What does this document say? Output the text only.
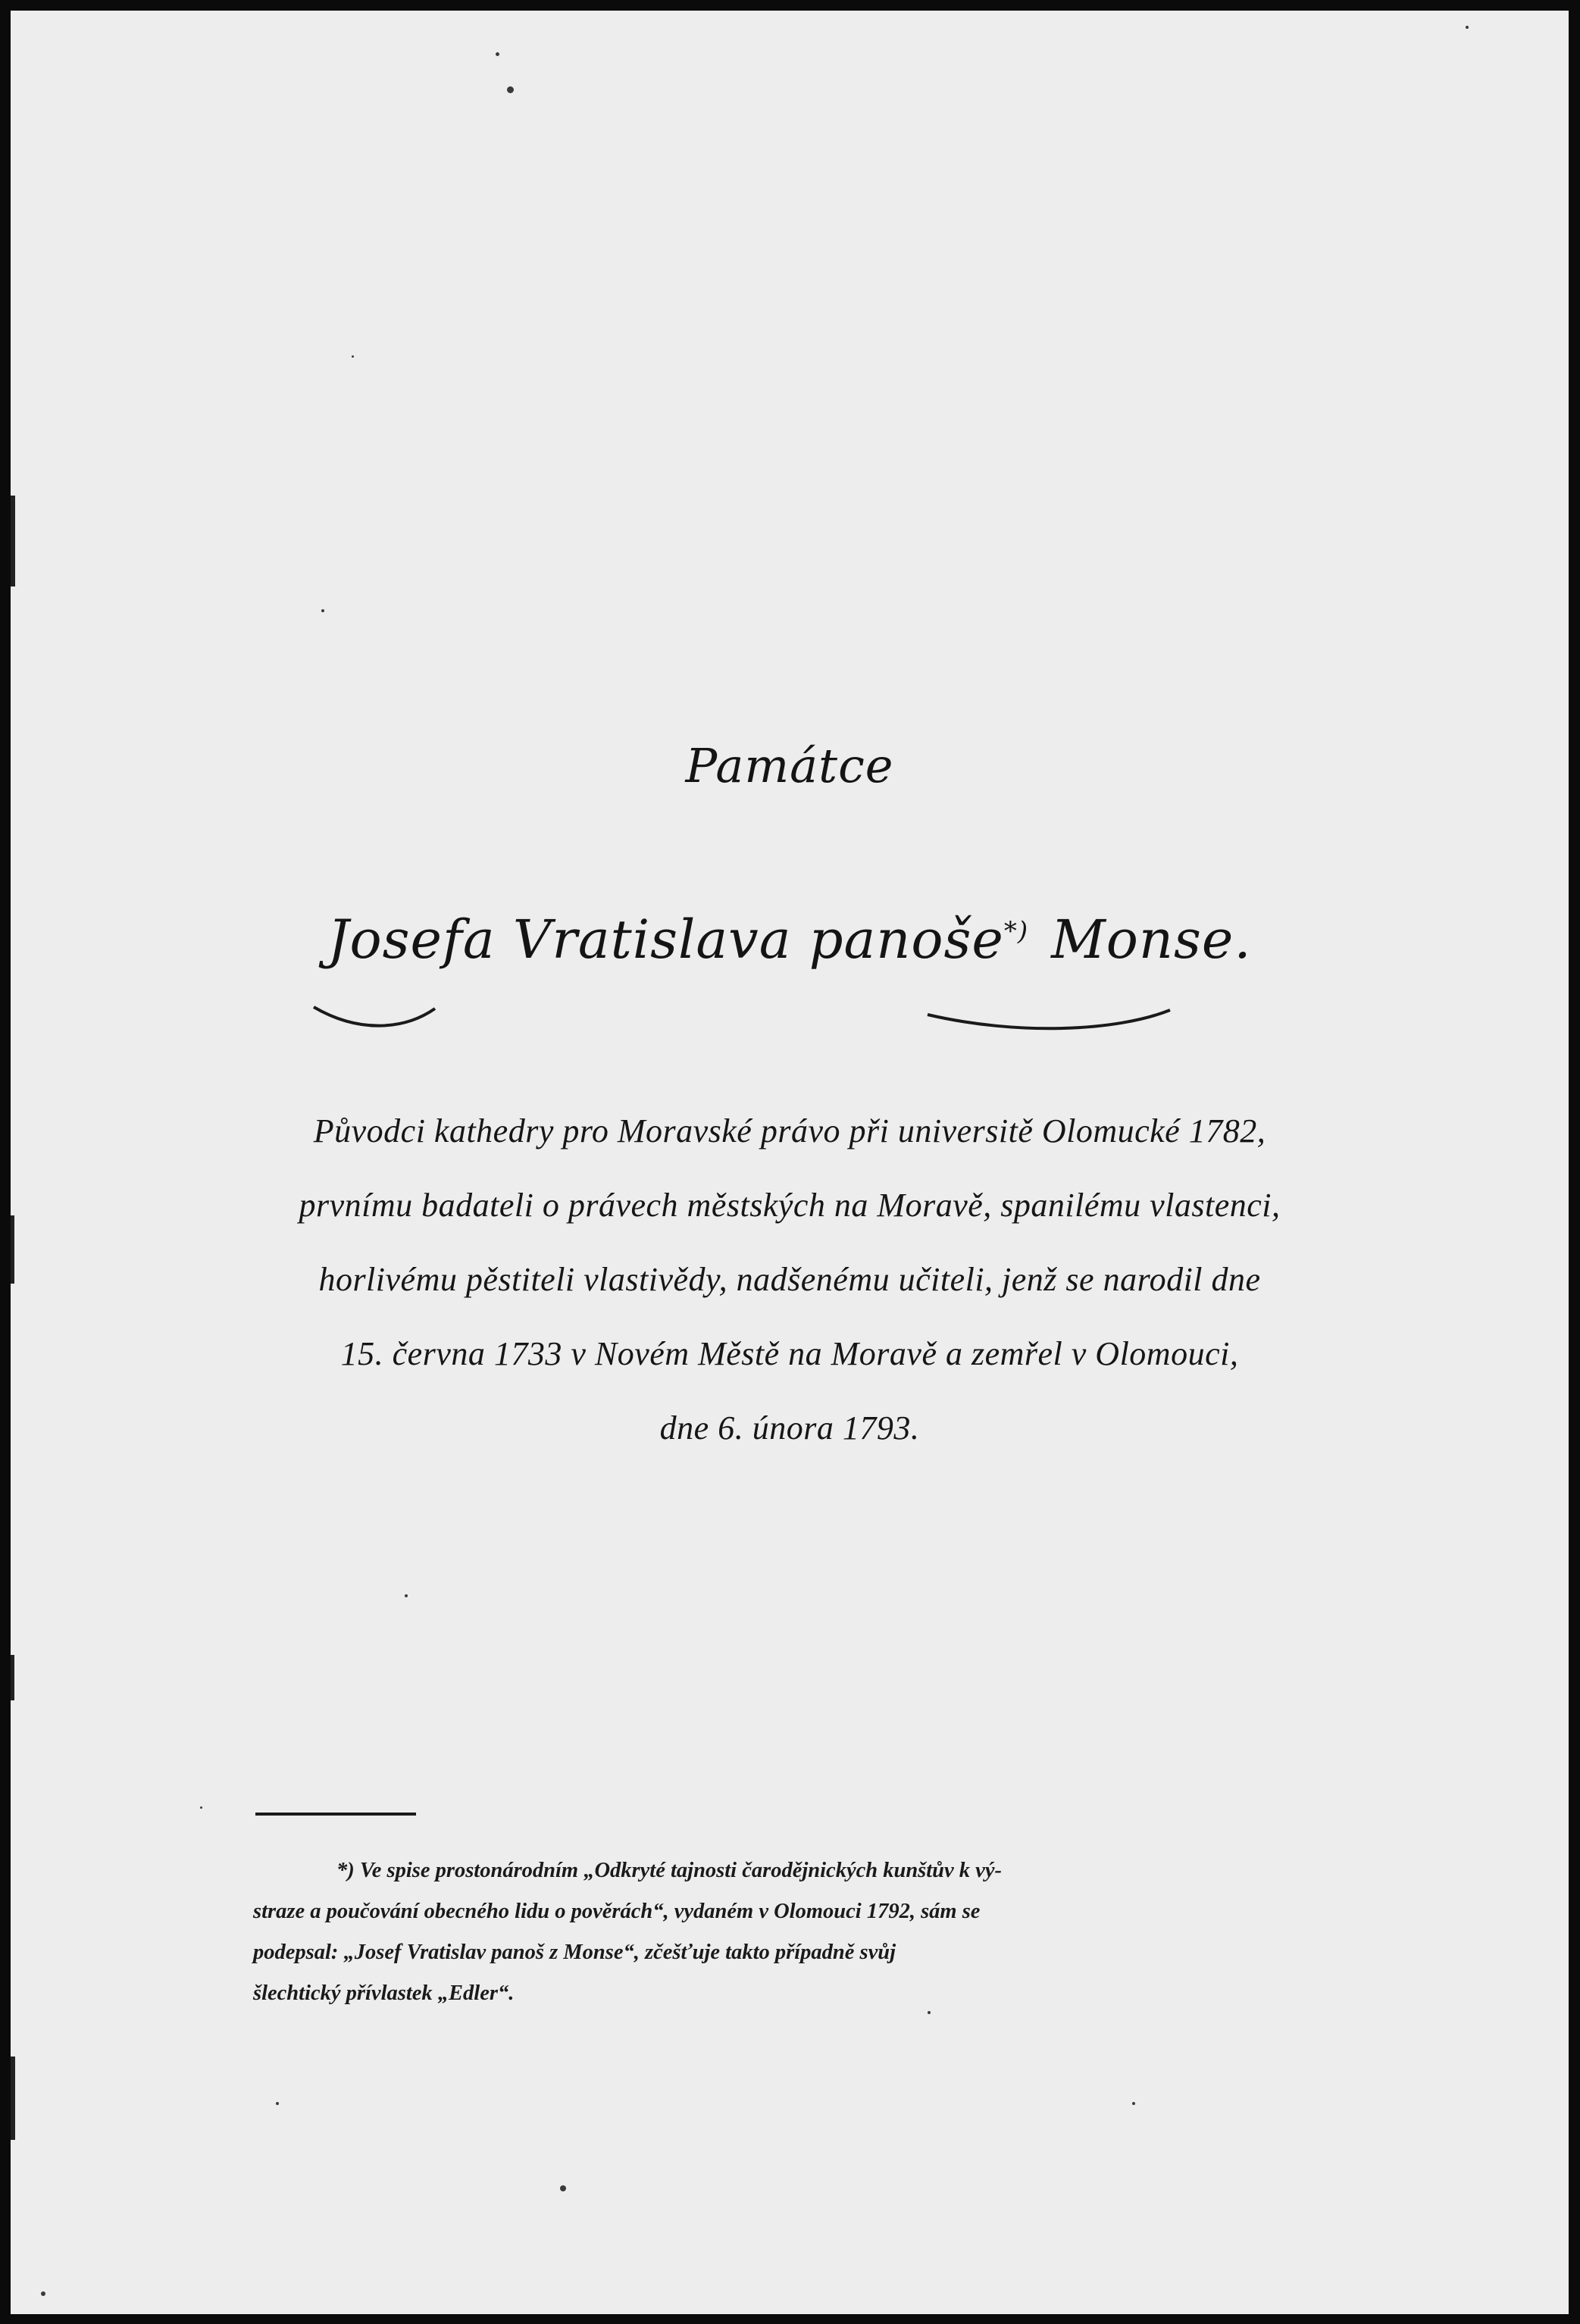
Památce
Josefa Vratislava panoše*) Monse.
Původci kathedry pro Moravské právo při universitě Olomucké 1782,
prvnímu badateli o právech městských na Moravě, spanilému vlastenci,
horlivému pěstiteli vlastivědy, nadšenému učiteli, jenž se narodil dne
15. června 1733 v Novém Městě na Moravě a zemřel v Olomouci,
dne 6. února 1793.
*) Ve spise prostonárodním „Odkryté tajnosti čarodějnických kunštův k vý-
straze a poučování obecného lidu o pověrách“, vydaném v Olomouci 1792, sám se
podepsal: „Josef Vratislav panoš z Monse“, zčešťuje takto případně svůj
šlechtický přívlastek „Edler“.
